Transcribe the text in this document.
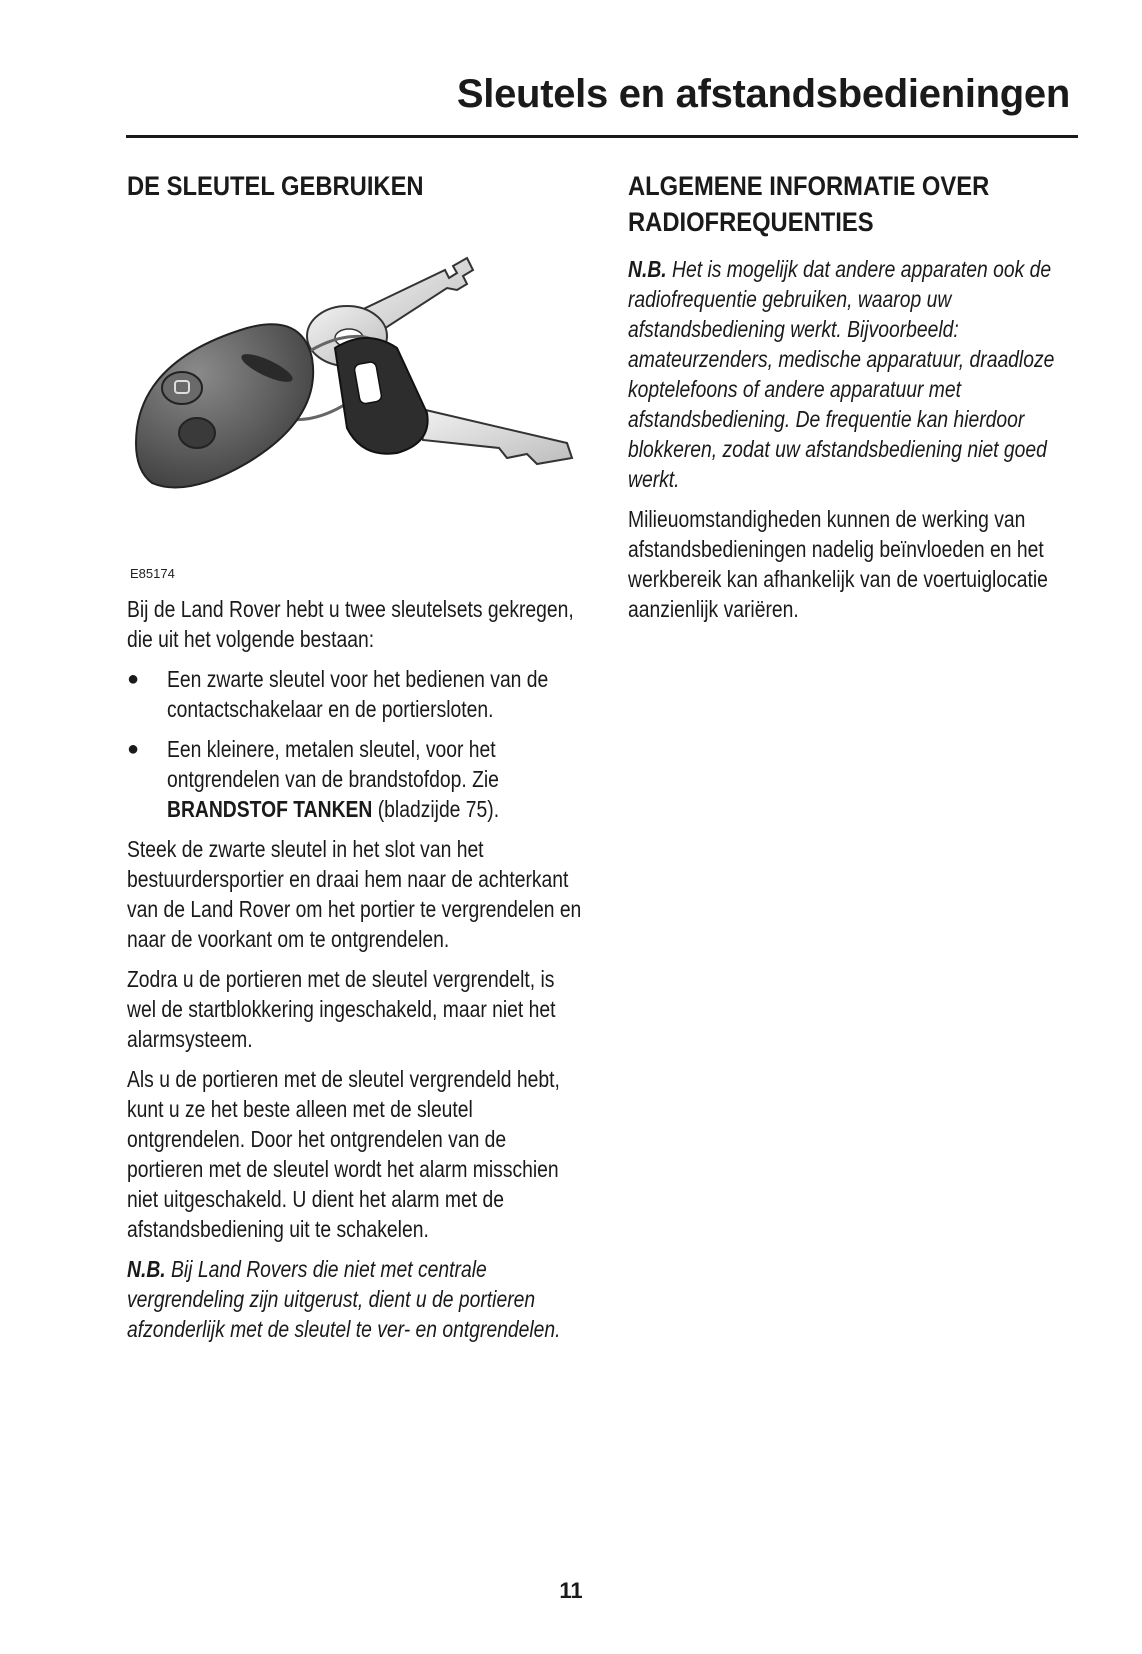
Sleutels en afstandsbedieningen
DE SLEUTEL GEBRUIKEN
E85174

Bij de Land Rover hebt u twee sleutelsets gekregen, die uit het volgende bestaan:

● Een zwarte sleutel voor het bedienen van de contactschakelaar en de portiersloten.
● Een kleinere, metalen sleutel, voor het ontgrendelen van de brandstofdop. Zie BRANDSTOF TANKEN (bladzijde 75).

Steek de zwarte sleutel in het slot van het bestuurdersportier en draai hem naar de achterkant van de Land Rover om het portier te vergrendelen en naar de voorkant om te ontgrendelen.

Zodra u de portieren met de sleutel vergrendelt, is wel de startblokkering ingeschakeld, maar niet het alarmsysteem.

Als u de portieren met de sleutel vergrendeld hebt, kunt u ze het beste alleen met de sleutel ontgrendelen. Door het ontgrendelen van de portieren met de sleutel wordt het alarm misschien niet uitgeschakeld. U dient het alarm met de afstandsbediening uit te schakelen.

N.B. Bij Land Rovers die niet met centrale vergrendeling zijn uitgerust, dient u de portieren afzonderlijk met de sleutel te ver- en ontgrendelen.

ALGEMENE INFORMATIE OVER
RADIOFREQUENTIES

N.B. Het is mogelijk dat andere apparaten ook de radiofrequentie gebruiken, waarop uw afstandsbediening werkt. Bijvoorbeeld: amateurzenders, medische apparatuur, draadloze koptelefoons of andere apparatuur met afstandsbediening. De frequentie kan hierdoor blokkeren, zodat uw afstandsbediening niet goed werkt.

Milieuomstandigheden kunnen de werking van afstandsbedieningen nadelig beïnvloeden en het werkbereik kan afhankelijk van de voertuiglocatie aanzienlijk variëren.

11
